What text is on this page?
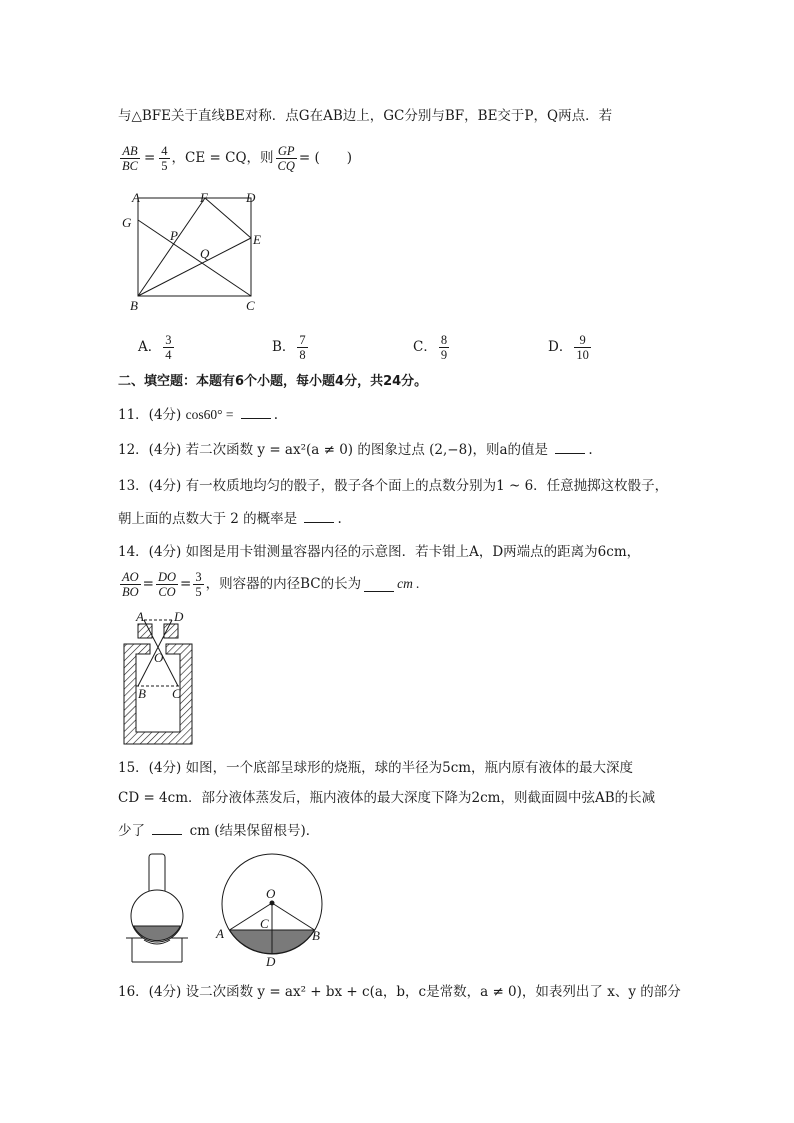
与△BFE关于直线BE对称．点G在AB边上，GC分别与BF，BE交于P，Q两点．若
$\frac{AB}{BC} = \frac{4}{5}$ ，CE = CQ，则 $\frac{GP}{CQ}$ = (　　)
A	F	D
G
P	E
Q
B	C
A． $\frac{3}{4}$	B． $\frac{7}{8}$	C． $\frac{8}{9}$	D． $\frac{9}{10}$
二、填空题：本题有6个小题，每小题4分，共24分。
11．(4分) cos60° =	.
12．(4分) 若二次函数 y = ax²(a ≠ 0) 的图象过点 (2,−8)，则a的值是	.
13．(4分) 有一枚质地均匀的骰子，骰子各个面上的点数分别为1 ~ 6．任意抛掷这枚骰子，
朝上面的点数大于 2 的概率是	.
14．(4分) 如图是用卡钳测量容器内径的示意图．若卡钳上A，D两端点的距离为6cm，
$\frac{AO}{BO} = \frac{DO}{CO} = \frac{3}{5}$ ，则容器的内径BC的长为	cm .
A D
O
B C
15．(4分) 如图，一个底部呈球形的烧瓶，球的半径为5cm，瓶内原有液体的最大深度
CD = 4cm．部分液体蒸发后，瓶内液体的最大深度下降为2cm，则截面圆中弦AB的长减
少了	cm (结果保留根号)．
O
C
A	B
D
16．(4分) 设二次函数 y = ax² + bx + c(a，b，c是常数，a ≠ 0)，如表列出了 x、y 的部分
